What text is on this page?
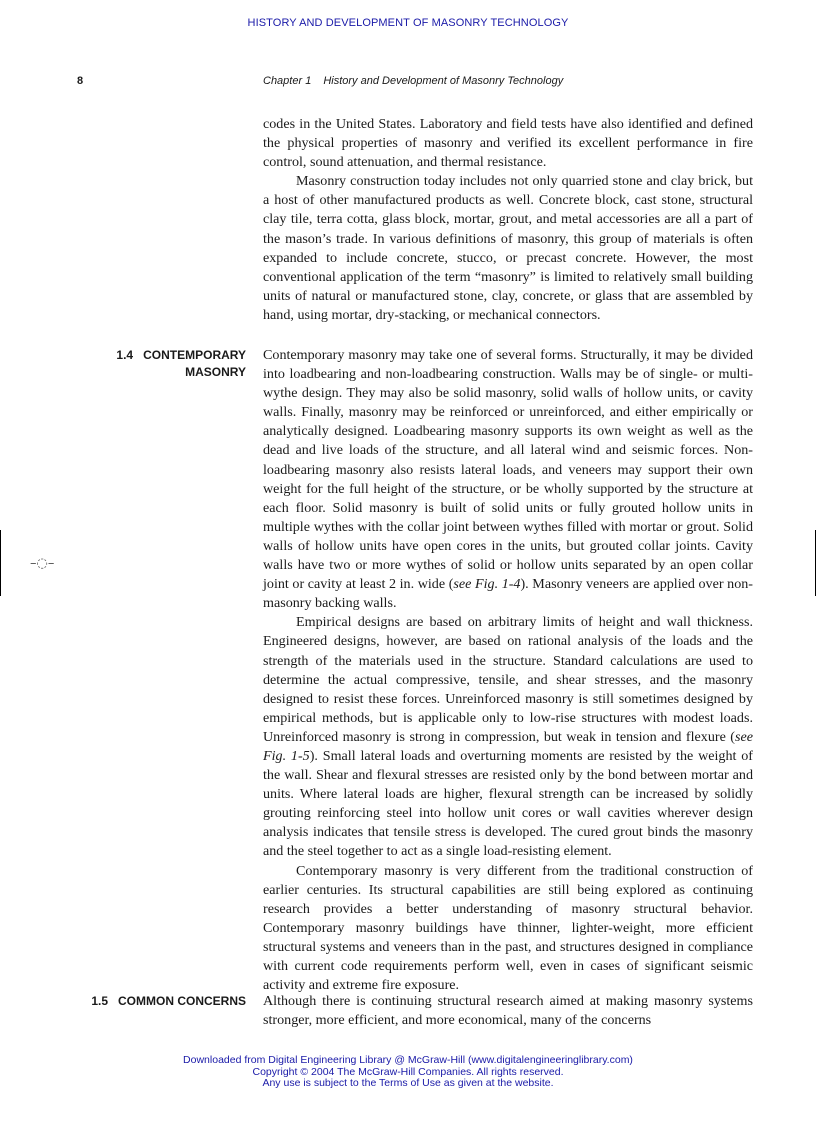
HISTORY AND DEVELOPMENT OF MASONRY TECHNOLOGY
8	Chapter 1 History and Development of Masonry Technology

codes in the United States. Laboratory and field tests have also identified and defined the physical properties of masonry and verified its excellent performance in fire control, sound attenuation, and thermal resistance.

Masonry construction today includes not only quarried stone and clay brick, but a host of other manufactured products as well. Concrete block, cast stone, structural clay tile, terra cotta, glass block, mortar, grout, and metal accessories are all a part of the mason’s trade. In various definitions of masonry, this group of materials is often expanded to include concrete, stucco, or precast concrete. However, the most conventional application of the term “masonry” is limited to relatively small building units of natural or manufactured stone, clay, concrete, or glass that are assembled by hand, using mortar, dry-stacking, or mechanical connectors.

1.4 CONTEMPORARY
MASONRY

Contemporary masonry may take one of several forms. Structurally, it may be divided into loadbearing and non-loadbearing construction. Walls may be of single- or multi-wythe design. They may also be solid masonry, solid walls of hollow units, or cavity walls. Finally, masonry may be reinforced or unreinforced, and either empirically or analytically designed. Loadbearing masonry supports its own weight as well as the dead and live loads of the structure, and all lateral wind and seismic forces. Non-loadbearing masonry also resists lateral loads, and veneers may support their own weight for the full height of the structure, or be wholly supported by the structure at each floor. Solid masonry is built of solid units or fully grouted hollow units in multiple wythes with the collar joint between wythes filled with mortar or grout. Solid walls of hollow units have open cores in the units, but grouted collar joints. Cavity walls have two or more wythes of solid or hollow units separated by an open collar joint or cavity at least 2 in. wide (see Fig. 1-4). Masonry veneers are applied over non-masonry backing walls.

Empirical designs are based on arbitrary limits of height and wall thickness. Engineered designs, however, are based on rational analysis of the loads and the strength of the materials used in the structure. Standard calculations are used to determine the actual compressive, tensile, and shear stresses, and the masonry designed to resist these forces. Unreinforced masonry is still sometimes designed by empirical methods, but is applicable only to low-rise structures with modest loads. Unreinforced masonry is strong in compression, but weak in tension and flexure (see Fig. 1-5). Small lateral loads and overturning moments are resisted by the weight of the wall. Shear and flexural stresses are resisted only by the bond between mortar and units. Where lateral loads are higher, flexural strength can be increased by solidly grouting reinforcing steel into hollow unit cores or wall cavities wherever design analysis indicates that tensile stress is developed. The cured grout binds the masonry and the steel together to act as a single load-resisting element.

Contemporary masonry is very different from the traditional construction of earlier centuries. Its structural capabilities are still being explored as continuing research provides a better understanding of masonry structural behavior. Contemporary masonry buildings have thinner, lighter-weight, more efficient structural systems and veneers than in the past, and structures designed in compliance with current code requirements perform well, even in cases of significant seismic activity and extreme fire exposure.

1.5 COMMON CONCERNS Although there is continuing structural research aimed at making masonry systems stronger, more efficient, and more economical, many of the concerns

–◌–
Downloaded from Digital Engineering Library @ McGraw-Hill (www.digitalengineeringlibrary.com)
Copyright © 2004 The McGraw-Hill Companies. All rights reserved.
Any use is subject to the Terms of Use as given at the website.
